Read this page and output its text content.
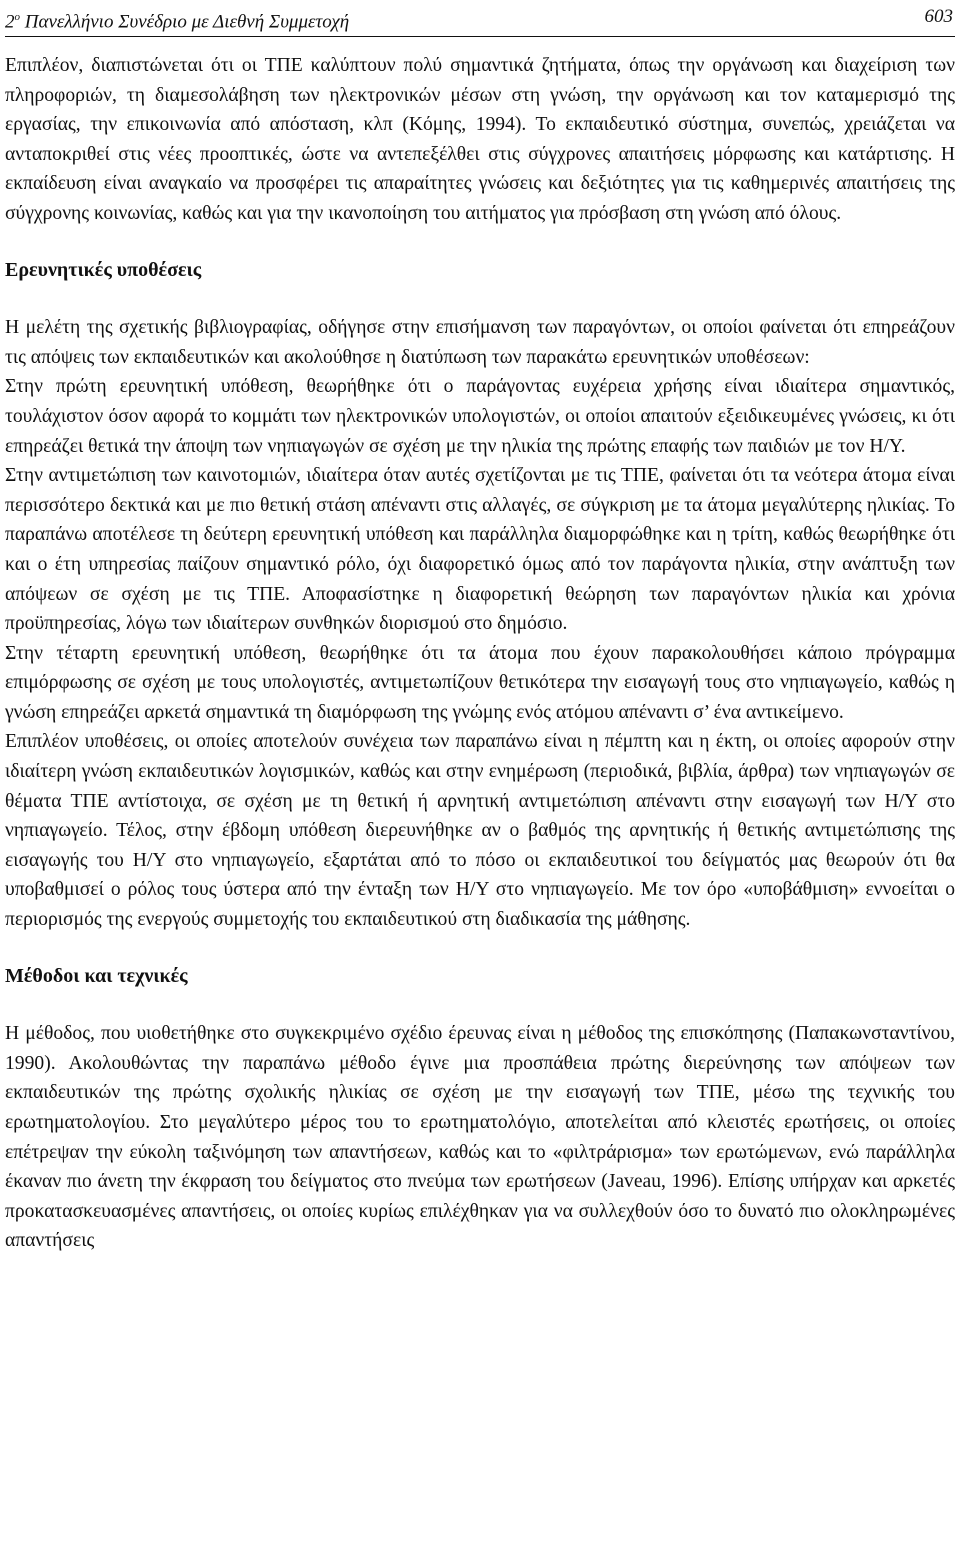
$2^o$ Πανελλήνιο Συνέδριο με Διεθνή Συμμετοχή	603

Επιπλέον, διαπιστώνεται ότι οι ΤΠΕ καλύπτουν πολύ σημαντικά ζητήματα, όπως την οργάνωση και διαχείριση των πληροφοριών, τη διαμεσολάβηση των ηλεκτρονικών μέσων στη γνώση, την οργάνωση και τον καταμερισμό της εργασίας, την επικοινωνία από απόσταση, κλπ (Κόμης, 1994). Το εκπαιδευτικό σύστημα, συνεπώς, χρειάζεται να ανταποκριθεί στις νέες προοπτικές, ώστε να αντεπεξέλθει στις σύγχρονες απαιτήσεις μόρφωσης και κατάρτισης. Η εκπαίδευση είναι αναγκαίο να προσφέρει τις απαραίτητες γνώσεις και δεξιότητες για τις καθημερινές απαιτήσεις της σύγχρονης κοινωνίας, καθώς και για την ικανοποίηση του αιτήματος για πρόσβαση στη γνώση από όλους.

Ερευνητικές υποθέσεις

Η μελέτη της σχετικής βιβλιογραφίας, οδήγησε στην επισήμανση των παραγόντων, οι οποίοι φαίνεται ότι επηρεάζουν τις απόψεις των εκπαιδευτικών και ακολούθησε η διατύπωση των παρακάτω ερευνητικών υποθέσεων:

Στην πρώτη ερευνητική υπόθεση, θεωρήθηκε ότι ο παράγοντας ευχέρεια χρήσης είναι ιδιαίτερα σημαντικός, τουλάχιστον όσον αφορά το κομμάτι των ηλεκτρονικών υπολογιστών, οι οποίοι απαιτούν εξειδικευμένες γνώσεις, κι ότι επηρεάζει θετικά την άποψη των νηπιαγωγών σε σχέση με την ηλικία της πρώτης επαφής των παιδιών με τον Η/Υ.

Στην αντιμετώπιση των καινοτομιών, ιδιαίτερα όταν αυτές σχετίζονται με τις ΤΠΕ, φαίνεται ότι τα νεότερα άτομα είναι περισσότερο δεκτικά και με πιο θετική στάση απέναντι στις αλλαγές, σε σύγκριση με τα άτομα μεγαλύτερης ηλικίας. Το παραπάνω αποτέλεσε τη δεύτερη ερευνητική υπόθεση και παράλληλα διαμορφώθηκε και η τρίτη, καθώς θεωρήθηκε ότι και ο έτη υπηρεσίας παίζουν σημαντικό ρόλο, όχι διαφορετικό όμως από τον παράγοντα ηλικία, στην ανάπτυξη των απόψεων σε σχέση με τις ΤΠΕ. Αποφασίστηκε η διαφορετική θεώρηση των παραγόντων ηλικία και χρόνια προϋπηρεσίας, λόγω των ιδιαίτερων συνθηκών διορισμού στο δημόσιο.

Στην τέταρτη ερευνητική υπόθεση, θεωρήθηκε ότι τα άτομα που έχουν παρακολουθήσει κάποιο πρόγραμμα επιμόρφωσης σε σχέση με τους υπολογιστές, αντιμετωπίζουν θετικότερα την εισαγωγή τους στο νηπιαγωγείο, καθώς η γνώση επηρεάζει αρκετά σημαντικά τη διαμόρφωση της γνώμης ενός ατόμου απέναντι σ’ ένα αντικείμενο.

Επιπλέον υποθέσεις, οι οποίες αποτελούν συνέχεια των παραπάνω είναι η πέμπτη και η έκτη, οι οποίες αφορούν στην ιδιαίτερη γνώση εκπαιδευτικών λογισμικών, καθώς και στην ενημέρωση (περιοδικά, βιβλία, άρθρα) των νηπιαγωγών σε θέματα ΤΠΕ αντίστοιχα, σε σχέση με τη θετική ή αρνητική αντιμετώπιση απέναντι στην εισαγωγή των Η/Υ στο νηπιαγωγείο. Τέλος, στην έβδομη υπόθεση διερευνήθηκε αν ο βαθμός της αρνητικής ή θετικής αντιμετώπισης της εισαγωγής του Η/Υ στο νηπιαγωγείο, εξαρτάται από το πόσο οι εκπαιδευτικοί του δείγματός μας θεωρούν ότι θα υποβαθμισεί ο ρόλος τους ύστερα από την ένταξη των Η/Υ στο νηπιαγωγείο. Με τον όρο «υποβάθμιση» εννοείται ο περιορισμός της ενεργούς συμμετοχής του εκπαιδευτικού στη διαδικασία της μάθησης.

Μέθοδοι και τεχνικές

Η μέθοδος, που υιοθετήθηκε στο συγκεκριμένο σχέδιο έρευνας είναι η μέθοδος της επισκόπησης (Παπακωνσταντίνου, 1990). Ακολουθώντας την παραπάνω μέθοδο έγινε μια προσπάθεια πρώτης διερεύνησης των απόψεων των εκπαιδευτικών της πρώτης σχολικής ηλικίας σε σχέση με την εισαγωγή των ΤΠΕ, μέσω της τεχνικής του ερωτηματολογίου. Στο μεγαλύτερο μέρος του το ερωτηματολόγιο, αποτελείται από κλειστές ερωτήσεις, οι οποίες επέτρεψαν την εύκολη ταξινόμηση των απαντήσεων, καθώς και το «φιλτράρισμα» των ερωτώμενων, ενώ παράλληλα έκαναν πιο άνετη την έκφραση του δείγματος στο πνεύμα των ερωτήσεων (Javeau, 1996). Επίσης υπήρχαν και αρκετές προκατασκευασμένες απαντήσεις, οι οποίες κυρίως επιλέχθηκαν για να συλλεχθούν όσο το δυνατό πιο ολοκληρωμένες απαντήσεις
